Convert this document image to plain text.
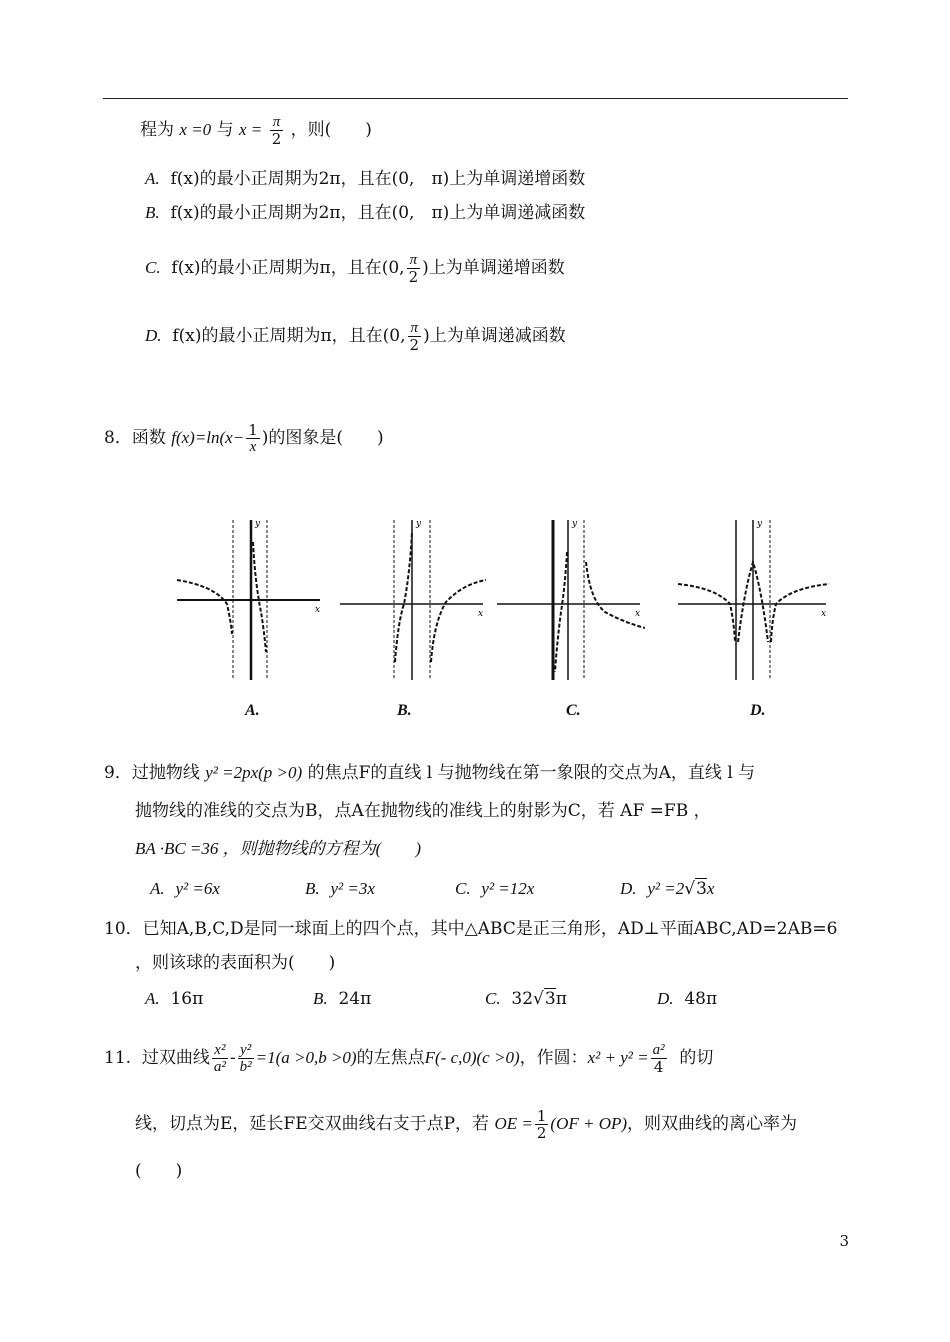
程为 x =0 与 $x = \frac{\pi}{2}$ ，则(　　)
A. f(x)的最小正周期为2π，且在(0,　π)上为单调递增函数
B. f(x)的最小正周期为2π，且在(0,　π)上为单调递减函数
C. f(x)的最小正周期为π，且在(0, $\frac{\pi}{2}$ )上为单调递增函数
D. f(x)的最小正周期为π，且在(0, $\frac{\pi}{2}$ )上为单调递减函数
8．函数 $f(x)=\ln(x- \frac{1}{x}$ )的图象是(　　)
y
x
A.
y
x
B.
y
x
C.
y
x
D.
9．过抛物线 y² =2px(p >0) 的焦点F的直线 l 与抛物线在第一象限的交点为A，直线 l 与
抛物线的准线的交点为B，点A在抛物线的准线上的射影为C，若 AF =FB ，
BA ·BC =36 ，则抛物线的方程为(　　)
A. y² =6x	B. y² =3x	C. y² =12x	D. y² =2√3x
10．已知A,B,C,D是同一球面上的四个点，其中△ABC是正三角形，AD⊥平面ABC,AD=2AB=6
，则该球的表面积为(　　)
A. 16π	B. 24π	C. 32√3π	D. 48π
11. 过双曲线 $\frac{\text{x²}}{\text{a²}} - \frac{\text{y²}}{\text{b²}} =1(a >0,b >0)$的左焦点F(- c,0)(c >0)，作圆：$x^2 + y^2 = \frac{\text{a²}}{4}$ 的切
线，切点为E，延长FE交双曲线右支于点P，若 OE = $\frac{1}{2} (OF + OP)$，则双曲线的离心率为
(　　)
3
